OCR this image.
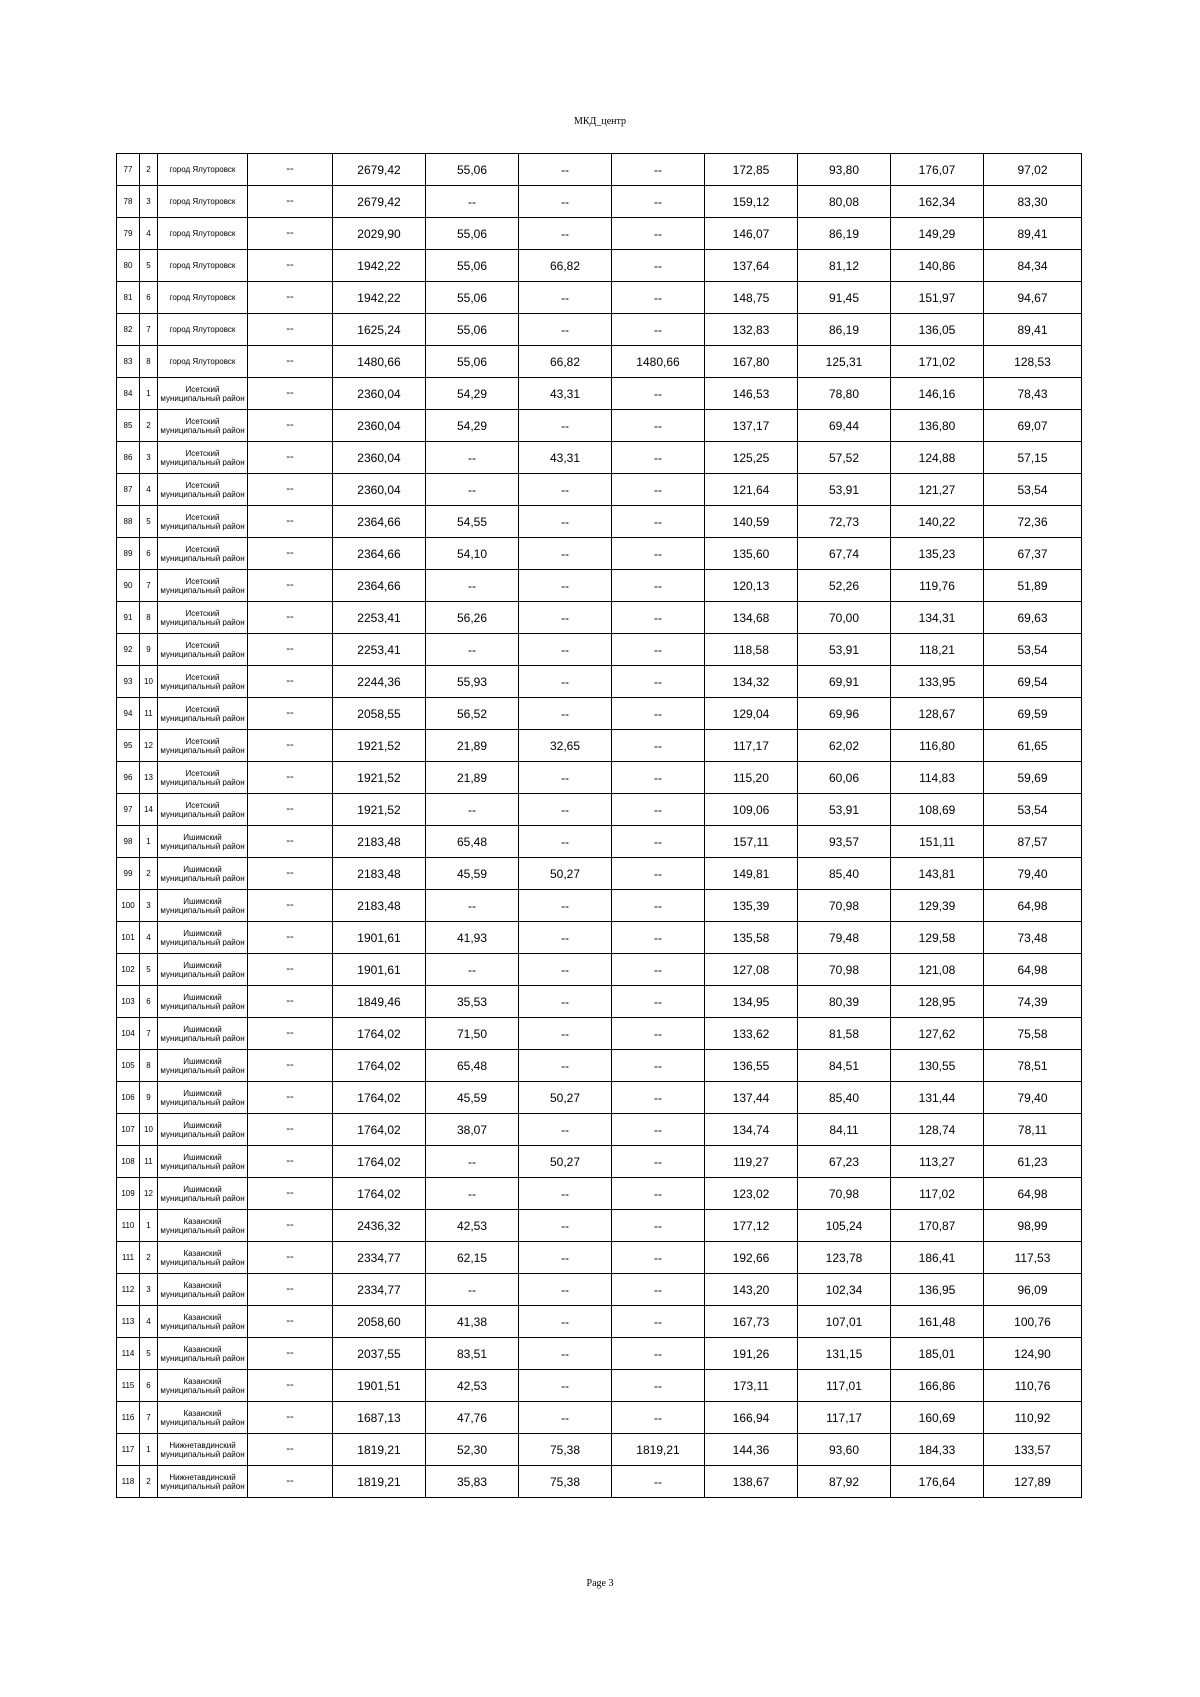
МКД_центр
77	2	город Ялуторовск	--	2679,42	55,06	--	--	172,85	93,80	176,07	97,02
78	3	город Ялуторовск	--	2679,42	--	--	--	159,12	80,08	162,34	83,30
79	4	город Ялуторовск	--	2029,90	55,06	--	--	146,07	86,19	149,29	89,41
80	5	город Ялуторовск	--	1942,22	55,06	66,82	--	137,64	81,12	140,86	84,34
81	6	город Ялуторовск	--	1942,22	55,06	--	--	148,75	91,45	151,97	94,67
82	7	город Ялуторовск	--	1625,24	55,06	--	--	132,83	86,19	136,05	89,41
83	8	город Ялуторовск	--	1480,66	55,06	66,82	1480,66	167,80	125,31	171,02	128,53
84	1	Исетский муниципальный район	--	2360,04	54,29	43,31	--	146,53	78,80	146,16	78,43
85	2	Исетский муниципальный район	--	2360,04	54,29	--	--	137,17	69,44	136,80	69,07
86	3	Исетский муниципальный район	--	2360,04	--	43,31	--	125,25	57,52	124,88	57,15
87	4	Исетский муниципальный район	--	2360,04	--	--	--	121,64	53,91	121,27	53,54
88	5	Исетский муниципальный район	--	2364,66	54,55	--	--	140,59	72,73	140,22	72,36
89	6	Исетский муниципальный район	--	2364,66	54,10	--	--	135,60	67,74	135,23	67,37
90	7	Исетский муниципальный район	--	2364,66	--	--	--	120,13	52,26	119,76	51,89
91	8	Исетский муниципальный район	--	2253,41	56,26	--	--	134,68	70,00	134,31	69,63
92	9	Исетский муниципальный район	--	2253,41	--	--	--	118,58	53,91	118,21	53,54
93	10	Исетский муниципальный район	--	2244,36	55,93	--	--	134,32	69,91	133,95	69,54
94	11	Исетский муниципальный район	--	2058,55	56,52	--	--	129,04	69,96	128,67	69,59
95	12	Исетский муниципальный район	--	1921,52	21,89	32,65	--	117,17	62,02	116,80	61,65
96	13	Исетский муниципальный район	--	1921,52	21,89	--	--	115,20	60,06	114,83	59,69
97	14	Исетский муниципальный район	--	1921,52	--	--	--	109,06	53,91	108,69	53,54
98	1	Ишимский муниципальный район	--	2183,48	65,48	--	--	157,11	93,57	151,11	87,57
99	2	Ишимский муниципальный район	--	2183,48	45,59	50,27	--	149,81	85,40	143,81	79,40
100	3	Ишимский муниципальный район	--	2183,48	--	--	--	135,39	70,98	129,39	64,98
101	4	Ишимский муниципальный район	--	1901,61	41,93	--	--	135,58	79,48	129,58	73,48
102	5	Ишимский муниципальный район	--	1901,61	--	--	--	127,08	70,98	121,08	64,98
103	6	Ишимский муниципальный район	--	1849,46	35,53	--	--	134,95	80,39	128,95	74,39
104	7	Ишимский муниципальный район	--	1764,02	71,50	--	--	133,62	81,58	127,62	75,58
105	8	Ишимский муниципальный район	--	1764,02	65,48	--	--	136,55	84,51	130,55	78,51
106	9	Ишимский муниципальный район	--	1764,02	45,59	50,27	--	137,44	85,40	131,44	79,40
107	10	Ишимский муниципальный район	--	1764,02	38,07	--	--	134,74	84,11	128,74	78,11
108	11	Ишимский муниципальный район	--	1764,02	--	50,27	--	119,27	67,23	113,27	61,23
109	12	Ишимский муниципальный район	--	1764,02	--	--	--	123,02	70,98	117,02	64,98
110	1	Казанский муниципальный район	--	2436,32	42,53	--	--	177,12	105,24	170,87	98,99
111	2	Казанский муниципальный район	--	2334,77	62,15	--	--	192,66	123,78	186,41	117,53
112	3	Казанский муниципальный район	--	2334,77	--	--	--	143,20	102,34	136,95	96,09
113	4	Казанский муниципальный район	--	2058,60	41,38	--	--	167,73	107,01	161,48	100,76
114	5	Казанский муниципальный район	--	2037,55	83,51	--	--	191,26	131,15	185,01	124,90
115	6	Казанский муниципальный район	--	1901,51	42,53	--	--	173,11	117,01	166,86	110,76
116	7	Казанский муниципальный район	--	1687,13	47,76	--	--	166,94	117,17	160,69	110,92
117	1	Нижнетавдинский муниципальный район	--	1819,21	52,30	75,38	1819,21	144,36	93,60	184,33	133,57
118	2	Нижнетавдинский муниципальный район	--	1819,21	35,83	75,38	--	138,67	87,92	176,64	127,89
Page 3
